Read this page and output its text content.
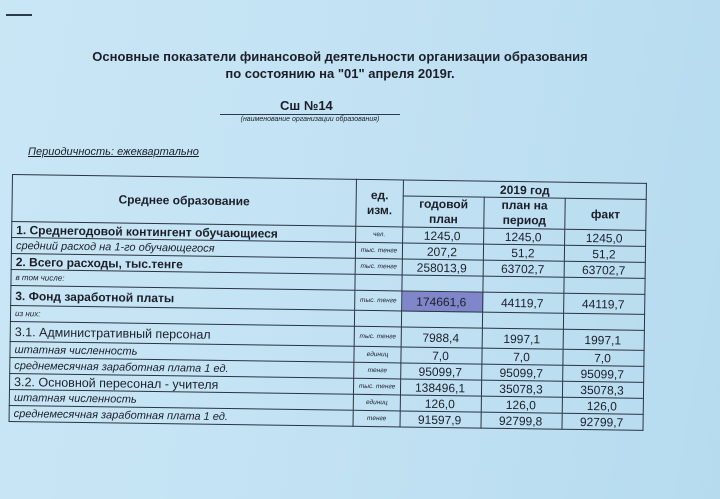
Основные показатели финансовой деятельности организации образования
по состоянию на "01" апреля 2019г.
Сш №14
(наименование организации образования)
Периодичность: ежеквартально
Среднее образование	ед. изм.	2019 год		
		годовой план	план на период	факт
1. Среднегодовой контингент обучающиеся	чел.	1245,0	1245,0	1245,0
средний расход на 1-го обучающегося	тыс. тенге	207,2	51,2	51,2
2. Всего расходы, тыс.тенге	тыс. тенге	258013,9	63702,7	63702,7
в том числе:				
3. Фонд заработной платы	тыс. тенге	174661,6	44119,7	44119,7
из них:				
3.1. Административный персонал	тыс. тенге	7988,4	1997,1	1997,1
штатная численность	единиц	7,0	7,0	7,0
среднемесячная заработная плата 1 ед.	тенге	95099,7	95099,7	95099,7
3.2. Основной пересонал - учителя	тыс. тенге	138496,1	35078,3	35078,3
штатная численность	единиц	126,0	126,0	126,0
среднемесячная заработная плата 1 ед.	тенге	91597,9	92799,8	92799,7
